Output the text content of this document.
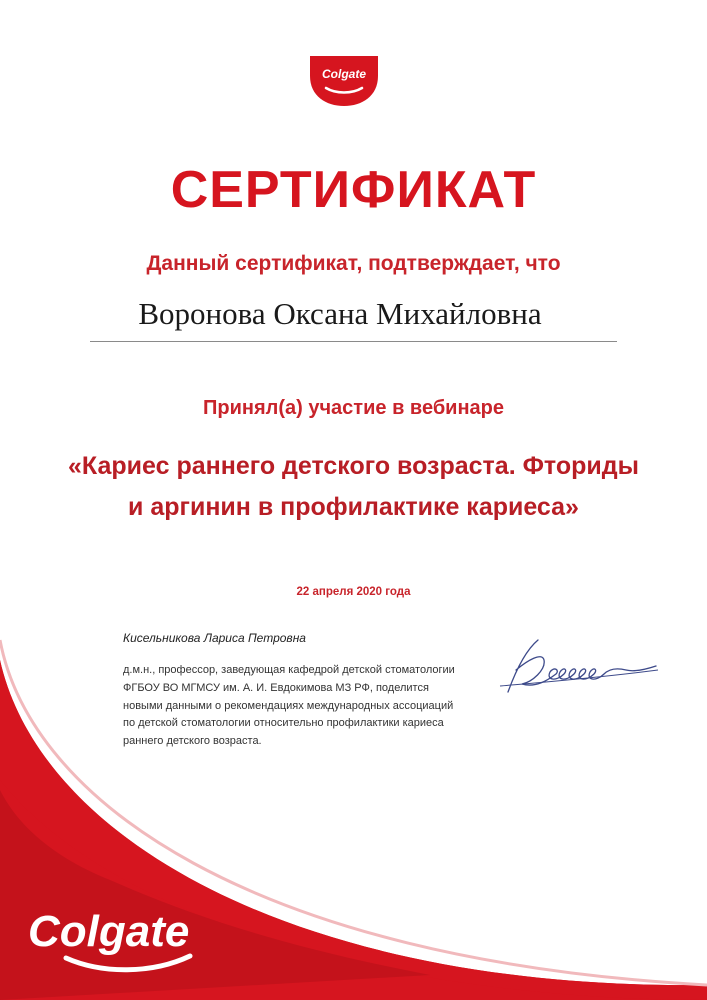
Colgate
СЕРТИФИКАТ
Данный сертификат, подтверждает, что
Воронова Оксана Михайловна
Принял(а) участие в вебинаре
«Кариес раннего детского возраста. Фториды и аргинин в профилактике кариеса»
22 апреля 2020 года
Кисельникова Лариса Петровна
д.м.н., профессор, заведующая кафедрой детской стоматологии ФГБОУ ВО МГМСУ им. А. И. Евдокимова МЗ РФ, поделится новыми данными о рекомендациях международных ассоциаций по детской стоматологии относительно профилактики кариеса раннего детского возраста.
Colgate
